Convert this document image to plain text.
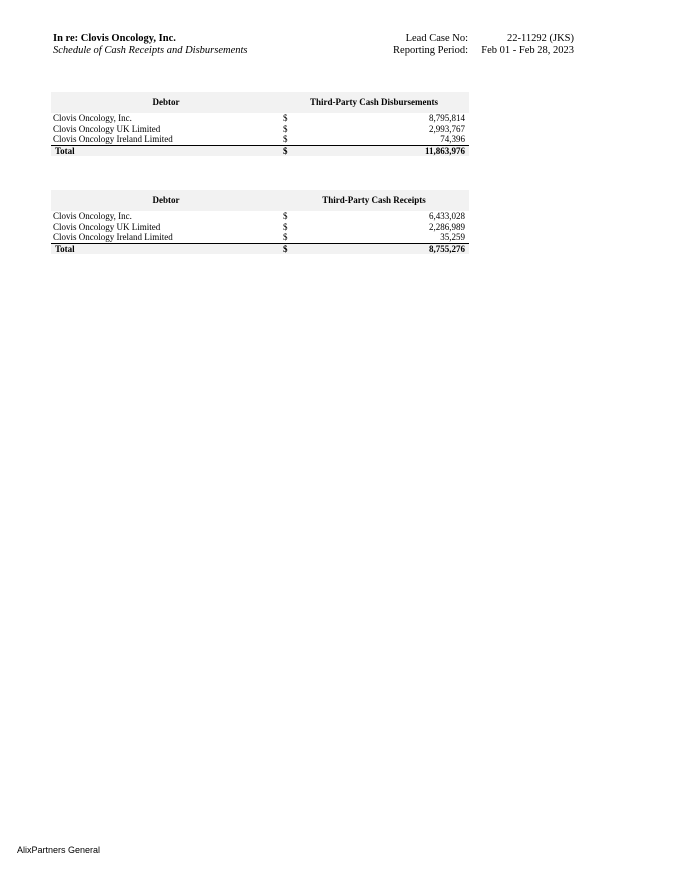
In re: Clovis Oncology, Inc.
Schedule of Cash Receipts and Disbursements
Lead Case No:
Reporting Period:
22-11292 (JKS)
Feb 01 - Feb 28, 2023
Debtor	Third-Party Cash Disbursements	
Clovis Oncology, Inc.	$	8,795,814
Clovis Oncology UK Limited	$	2,993,767
Clovis Oncology Ireland Limited	$	74,396
Total	$	11,863,976
Debtor	Third-Party Cash Receipts	
Clovis Oncology, Inc.	$	6,433,028
Clovis Oncology UK Limited	$	2,286,989
Clovis Oncology Ireland Limited	$	35,259
Total	$	8,755,276
AlixPartners General
